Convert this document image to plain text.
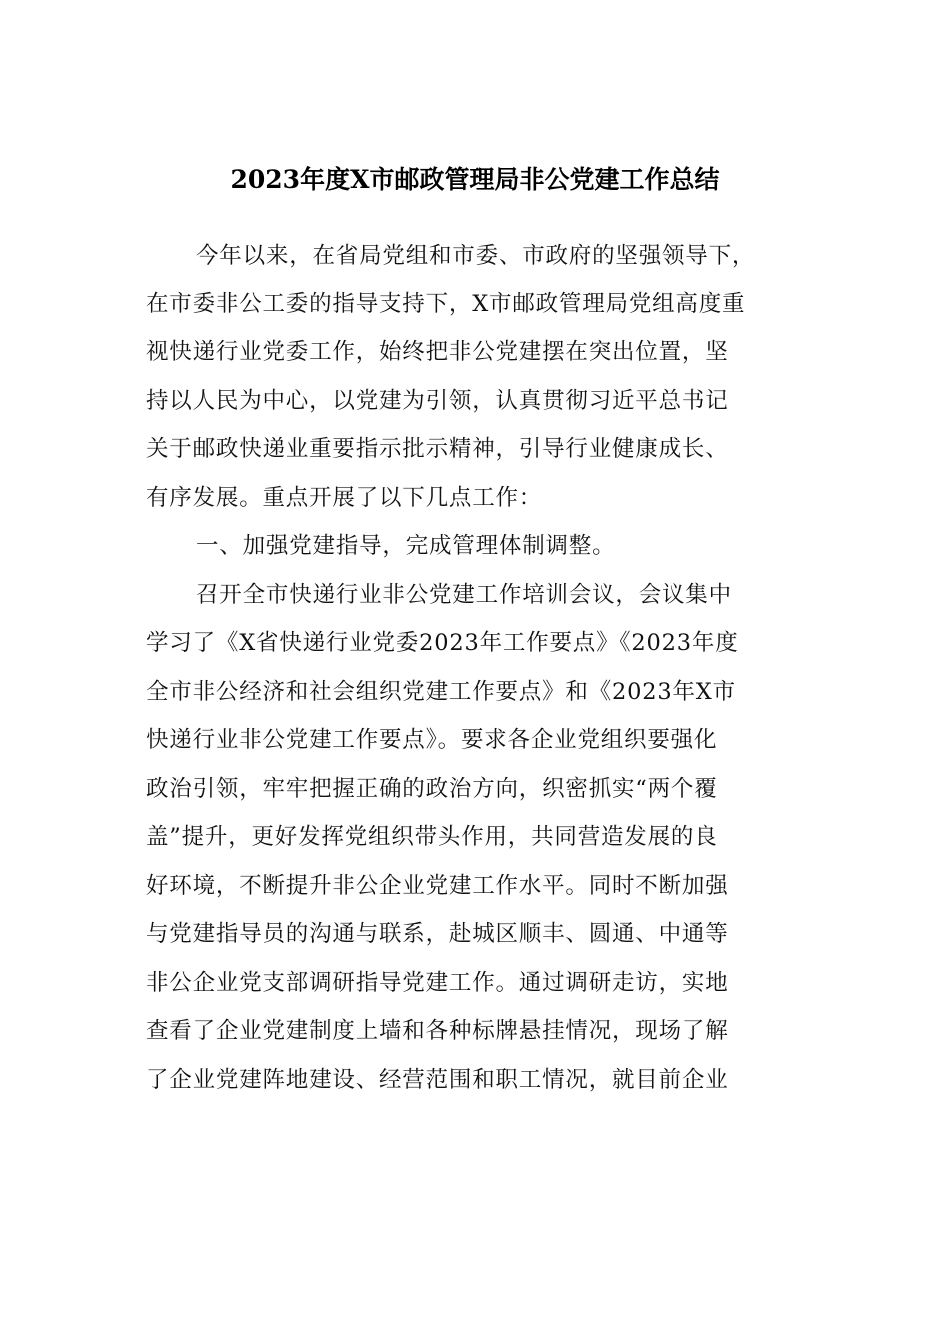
2023年度X市邮政管理局非公党建工作总结
今年以来，在省局党组和市委、市政府的坚强领导下，
在市委非公工委的指导支持下，X市邮政管理局党组高度重
视快递行业党委工作，始终把非公党建摆在突出位置，坚
持以人民为中心，以党建为引领，认真贯彻习近平总书记
关于邮政快递业重要指示批示精神，引导行业健康成长、
有序发展。重点开展了以下几点工作：
一、加强党建指导，完成管理体制调整。
召开全市快递行业非公党建工作培训会议，会议集中
学习了《X省快递行业党委2023年工作要点》《2023年度
全市非公经济和社会组织党建工作要点》和《2023年X市
快递行业非公党建工作要点》。要求各企业党组织要强化
政治引领，牢牢把握正确的政治方向，织密抓实“两个覆
盖”提升，更好发挥党组织带头作用，共同营造发展的良
好环境，不断提升非公企业党建工作水平。同时不断加强
与党建指导员的沟通与联系，赴城区顺丰、圆通、中通等
非公企业党支部调研指导党建工作。通过调研走访，实地
查看了企业党建制度上墙和各种标牌悬挂情况，现场了解
了企业党建阵地建设、经营范围和职工情况，就目前企业
